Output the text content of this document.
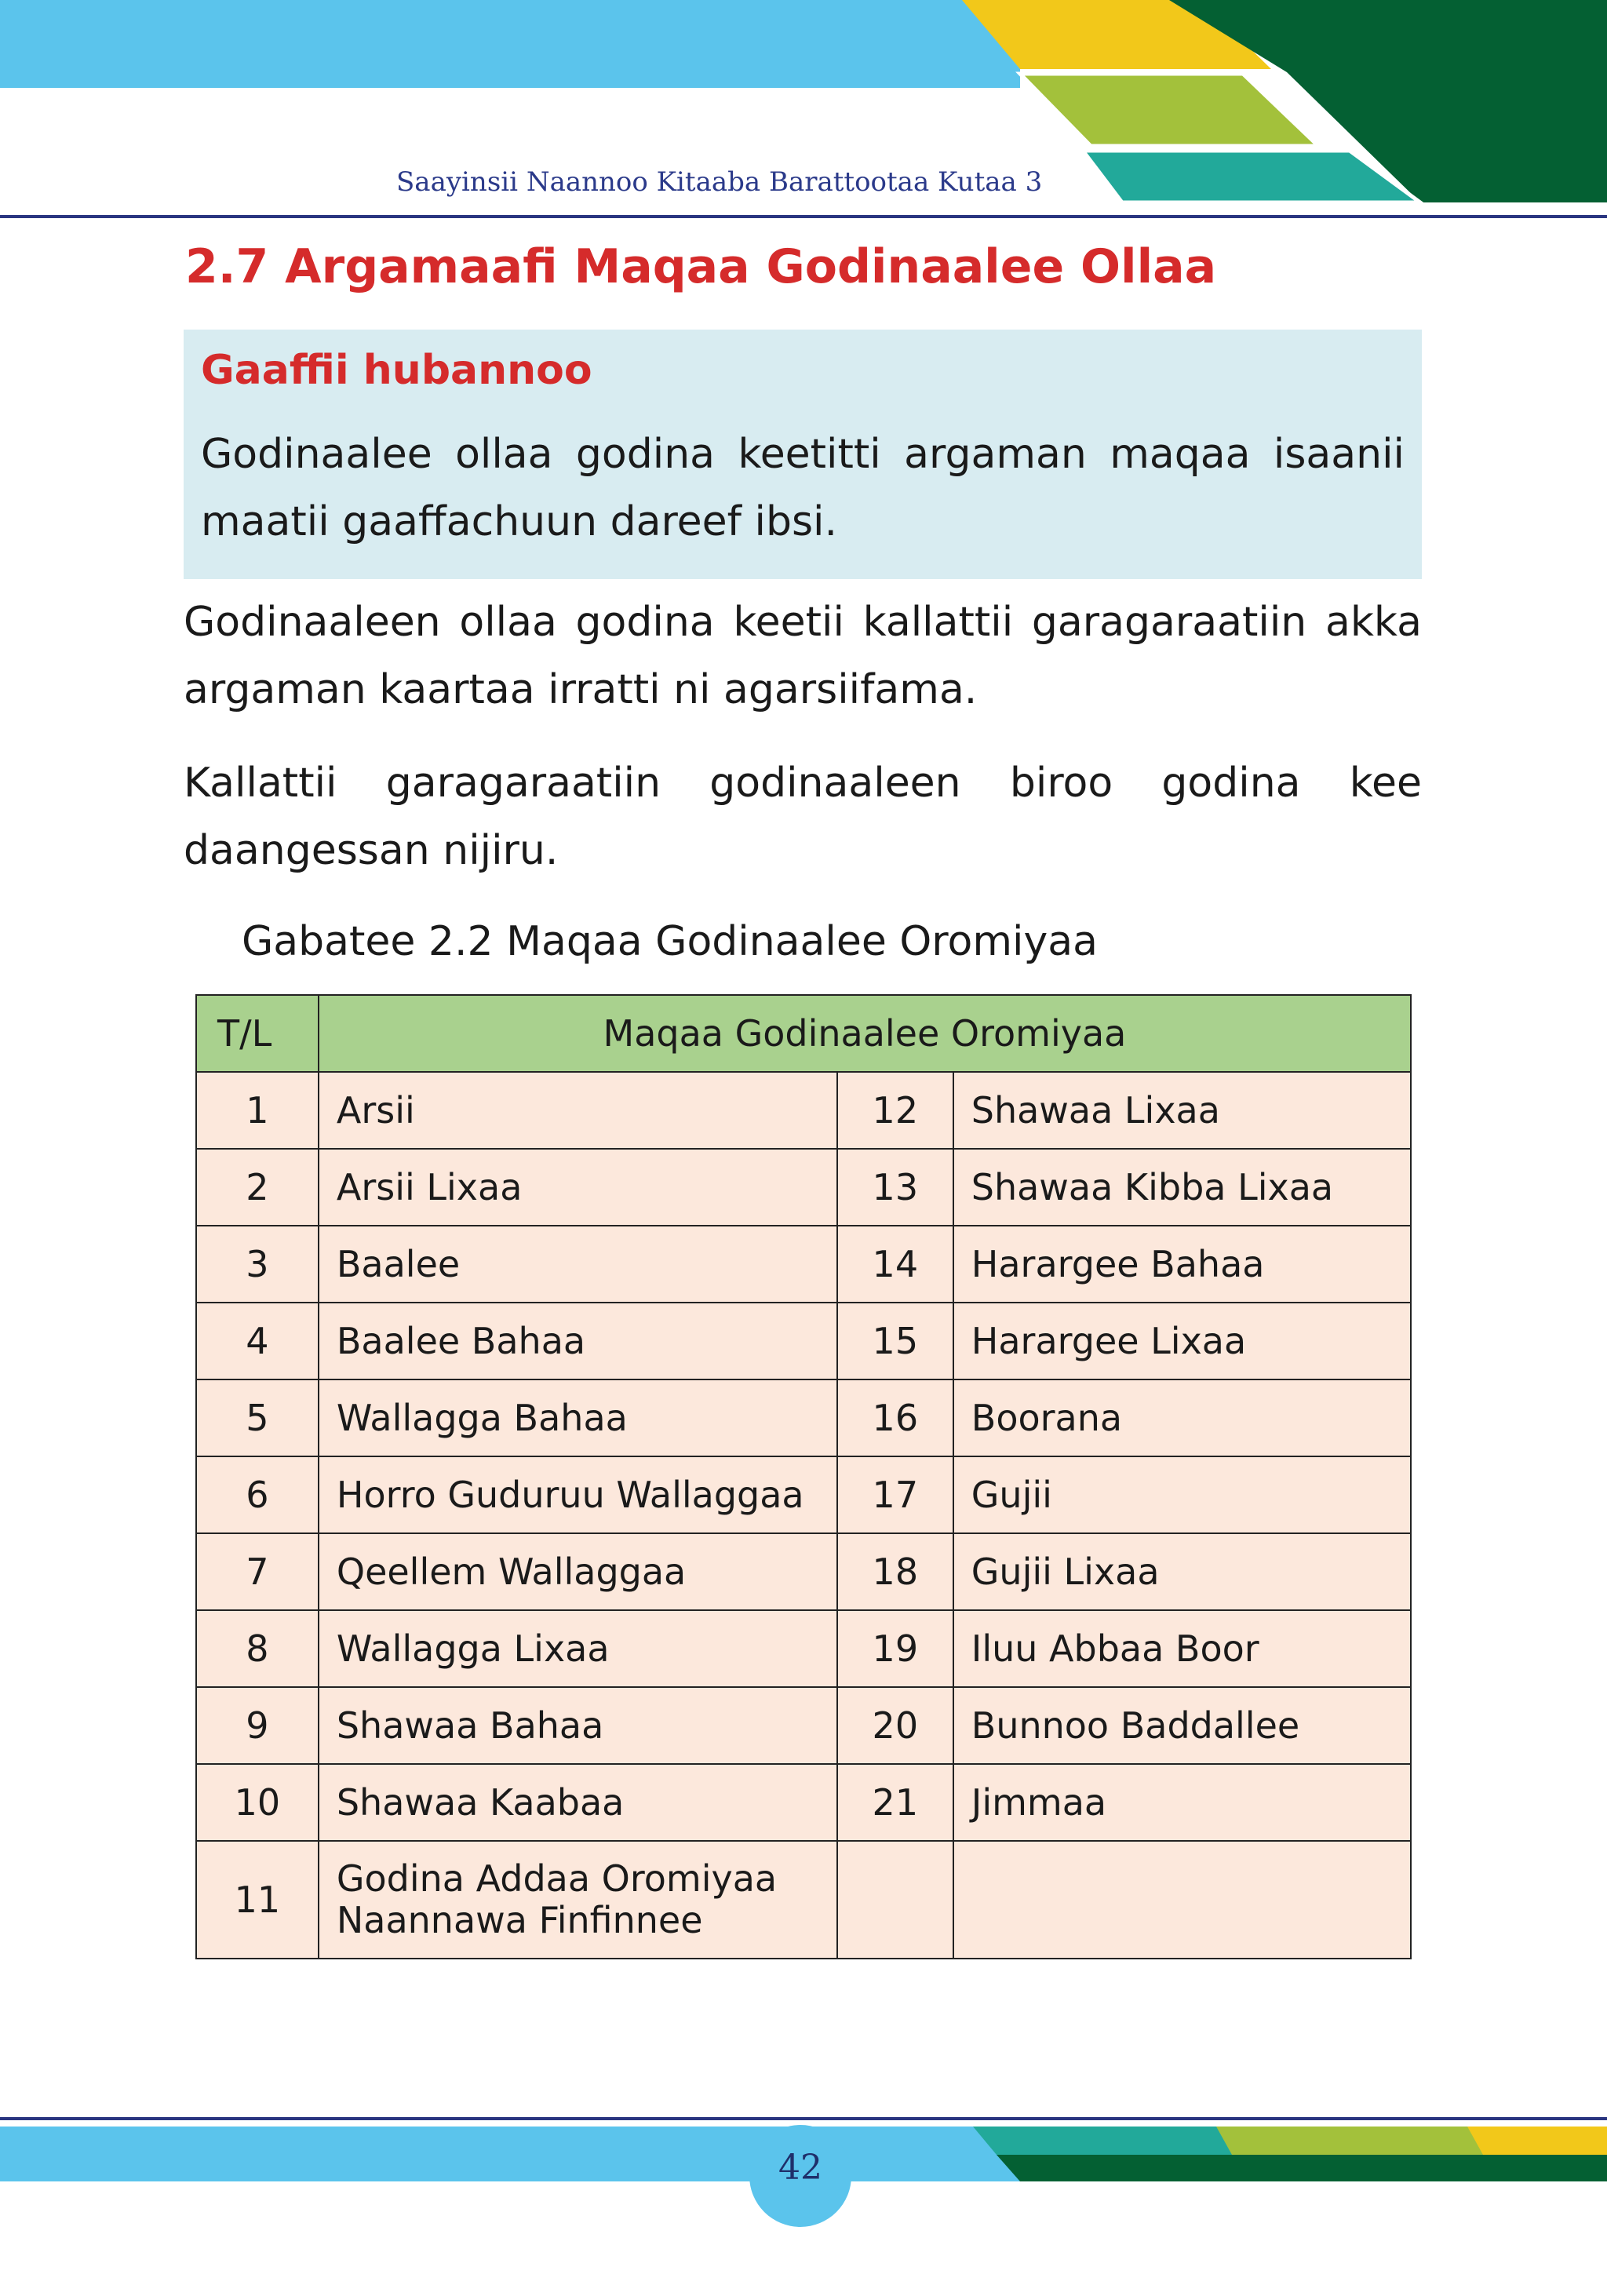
Saayinsii Naannoo Kitaaba Barattootaa Kutaa 3
2.7 Argamaafi Maqaa Godinaalee Ollaa

Gaaffii hubannoo

Godinaalee ollaa godina keetitti argaman maqaa isaanii maatii gaaffachuun dareef ibsi.

Godinaaleen ollaa godina keetii kallattii garagaraatiin akka argaman kaartaa irratti ni agarsiifama.

Kallattii garagaraatiin godinaaleen biroo godina kee
daangessan nijiru.

Gabatee 2.2 Maqaa Godinaalee Oromiyaa

T/L	Maqaa Godinaalee Oromiyaa		
1	Arsii	12	Shawaa Lixaa
2	Arsii Lixaa	13	Shawaa Kibba Lixaa
3	Baalee	14	Harargee Bahaa
4	Baalee Bahaa	15	Harargee Lixaa
5	Wallagga Bahaa	16	Boorana
6	Horro Guduruu Wallaggaa	17	Gujii
7	Qeellem Wallaggaa	18	Gujii Lixaa
8	Wallagga Lixaa	19	Iluu Abbaa Boor
9	Shawaa Bahaa	20	Bunnoo Baddallee
10	Shawaa Kaabaa	21	Jimmaa
11	Godina Addaa Oromiyaa
Naannawa Finfinnee		
42
